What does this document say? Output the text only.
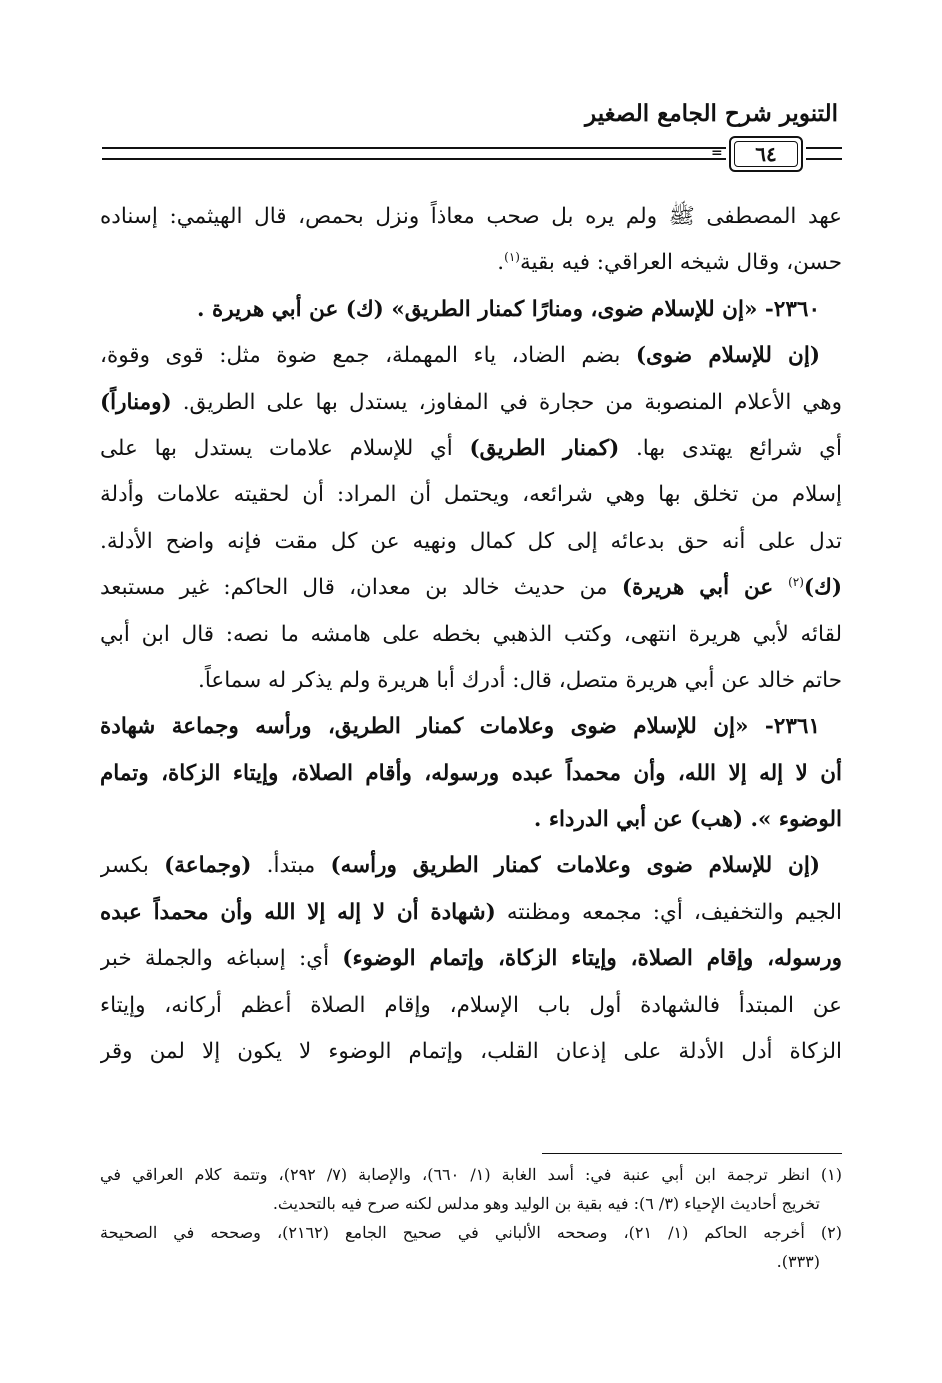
التنوير شرح الجامع الصغير
= ٦٤
عهد المصطفى ﷺ ولم يره بل صحب معاذاً ونزل بحمص، قال الهيثمي: إسناده
حسن، وقال شيخه العراقي: فيه بقية$^{(١)}$.
٢٣٦٠- «إن للإسلام ضوى، ومنارًا كمنار الطريق» (ك) عن أبي هريرة .
(إن للإسلام ضوى) بضم الضاد، ياء المهملة، جمع ضوة مثل: قوى وقوة،
وهي الأعلام المنصوبة من حجارة في المفاوز، يستدل بها على الطريق. (ومناراً)
أي شرائع يهتدى بها. (كمنار الطريق) أي للإسلام علامات يستدل بها على
إسلام من تخلق بها وهي شرائعه، ويحتمل أن المراد: أن لحقيته علامات وأدلة
تدل على أنه حق بدعائه إلى كل كمال ونهيه عن كل مقت فإنه واضح الأدلة.
(ك)$^{(٢)}$ عن أبي هريرة) من حديث خالد بن معدان، قال الحاكم: غير مستبعد
لقائه لأبي هريرة انتهى، وكتب الذهبي بخطه على هامشه ما نصه: قال ابن أبي
حاتم خالد عن أبي هريرة متصل، قال: أدرك أبا هريرة ولم يذكر له سماعاً.
٢٣٦١- «إن للإسلام ضوى وعلامات كمنار الطريق، ورأسه وجماعة شهادة
أن لا إله إلا الله، وأن محمداً عبده ورسوله، وأقام الصلاة، وإيتاء الزكاة، وتمام
الوضوء ». (هب) عن أبي الدرداء .
(إن للإسلام ضوى وعلامات كمنار الطريق ورأسه) مبتدأ. (وجماعة) بكسر
الجيم والتخفيف، أي: مجمعه ومظنته (شهادة أن لا إله إلا الله وأن محمداً عبده
ورسوله، وإقام الصلاة، وإيتاء الزكاة، وإتمام الوضوء) أي: إسباغه والجملة خبر
عن المبتدأ فالشهادة أول باب الإسلام، وإقام الصلاة أعظم أركانه، وإيتاء
الزكاة أدل الأدلة على إذعان القلب، وإتمام الوضوء لا يكون إلا لمن وقر
(١) انظر ترجمة ابن أبي عنبة في: أسد الغابة (١/ ٦٦٠)، والإصابة (٧/ ٢٩٢)، وتتمة كلام العراقي في
تخريج أحاديث الإحياء (٣/ ٦): فيه بقية بن الوليد وهو مدلس لكنه صرح فيه بالتحديث.
(٢) أخرجه الحاكم (١/ ٢١)، وصححه الألباني في صحيح الجامع (٢١٦٢)، وصححه في الصحيحة
(٣٣٣).
